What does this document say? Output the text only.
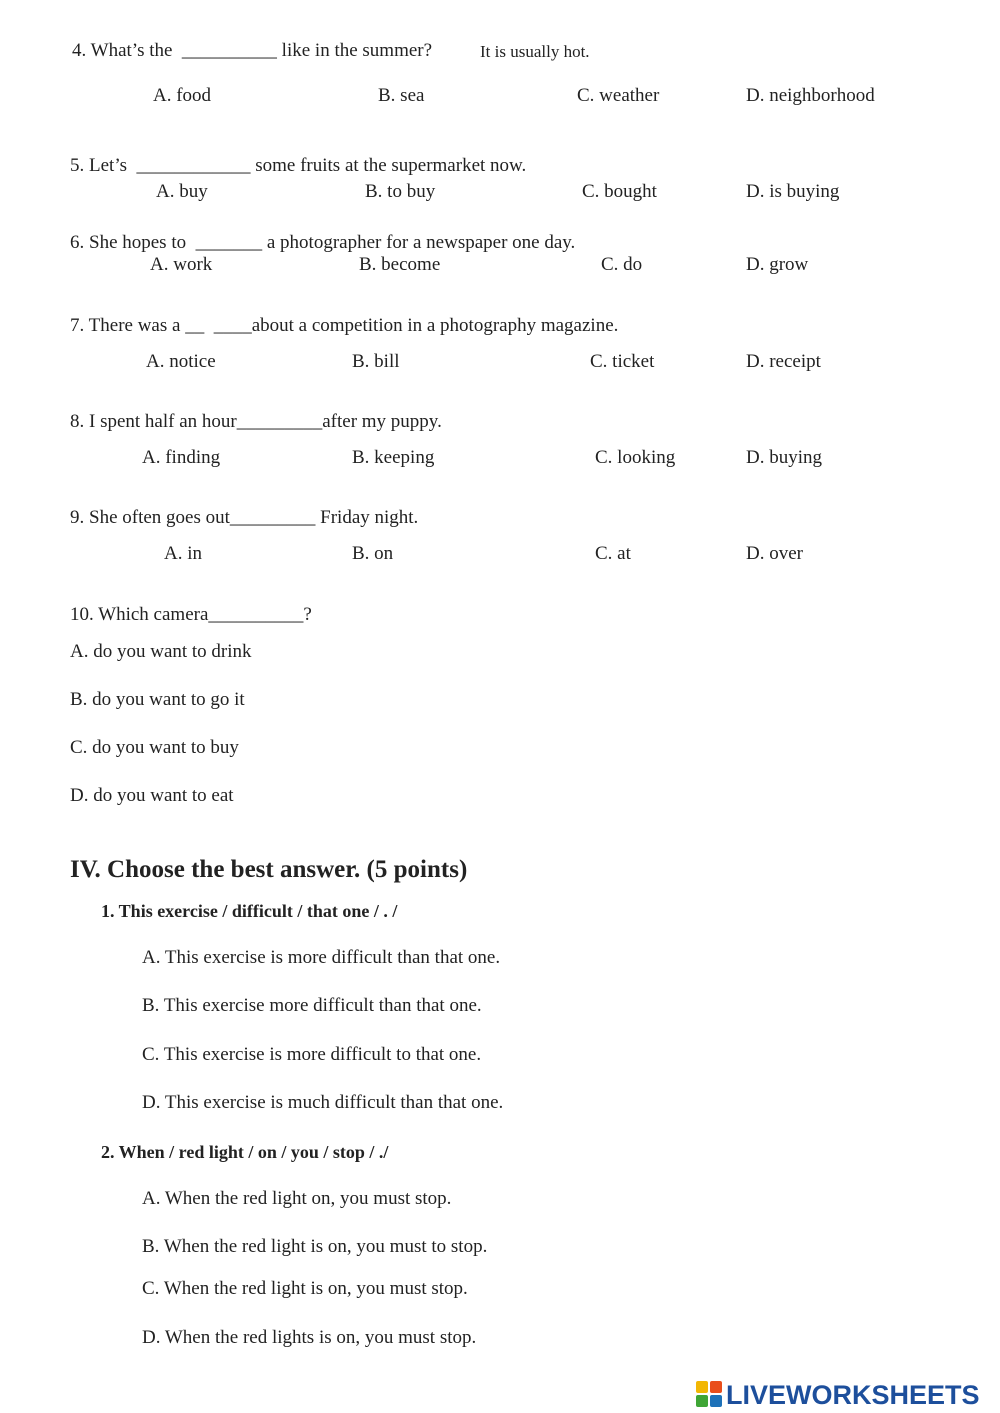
4. What’s the  __________ like in the summer?	It is usually hot.
A. food	B. sea	C. weather	D. neighborhood
5. Let’s  ____________ some fruits at the supermarket now.
A. buy	B. to buy	C. bought	D. is buying
6. She hopes to  _______ a photographer for a newspaper one day.
A. work	B. become	C. do	D. grow
7. There was a __  ____about a competition in a photography magazine.
A. notice	B. bill	C. ticket	D. receipt
8. I spent half an hour_________after my puppy.
A. finding	B. keeping	C. looking	D. buying
9. She often goes out_________ Friday night.
A. in	B. on	C. at	D. over
10. Which camera__________?
A. do you want to drink
B. do you want to go it
C. do you want to buy
D. do you want to eat
IV. Choose the best answer. (5 points)
1. This exercise / difficult / that one / . /
A. This exercise is more difficult than that one.
B. This exercise more difficult than that one.
C. This exercise is more difficult to that one.
D. This exercise is much difficult than that one.
2. When / red light / on / you / stop / ./
A. When the red light on, you must stop.
B. When the red light is on, you must to stop.
C. When the red light is on, you must stop.
D. When the red lights is on, you must stop.
LIVEWORKSHEETS
